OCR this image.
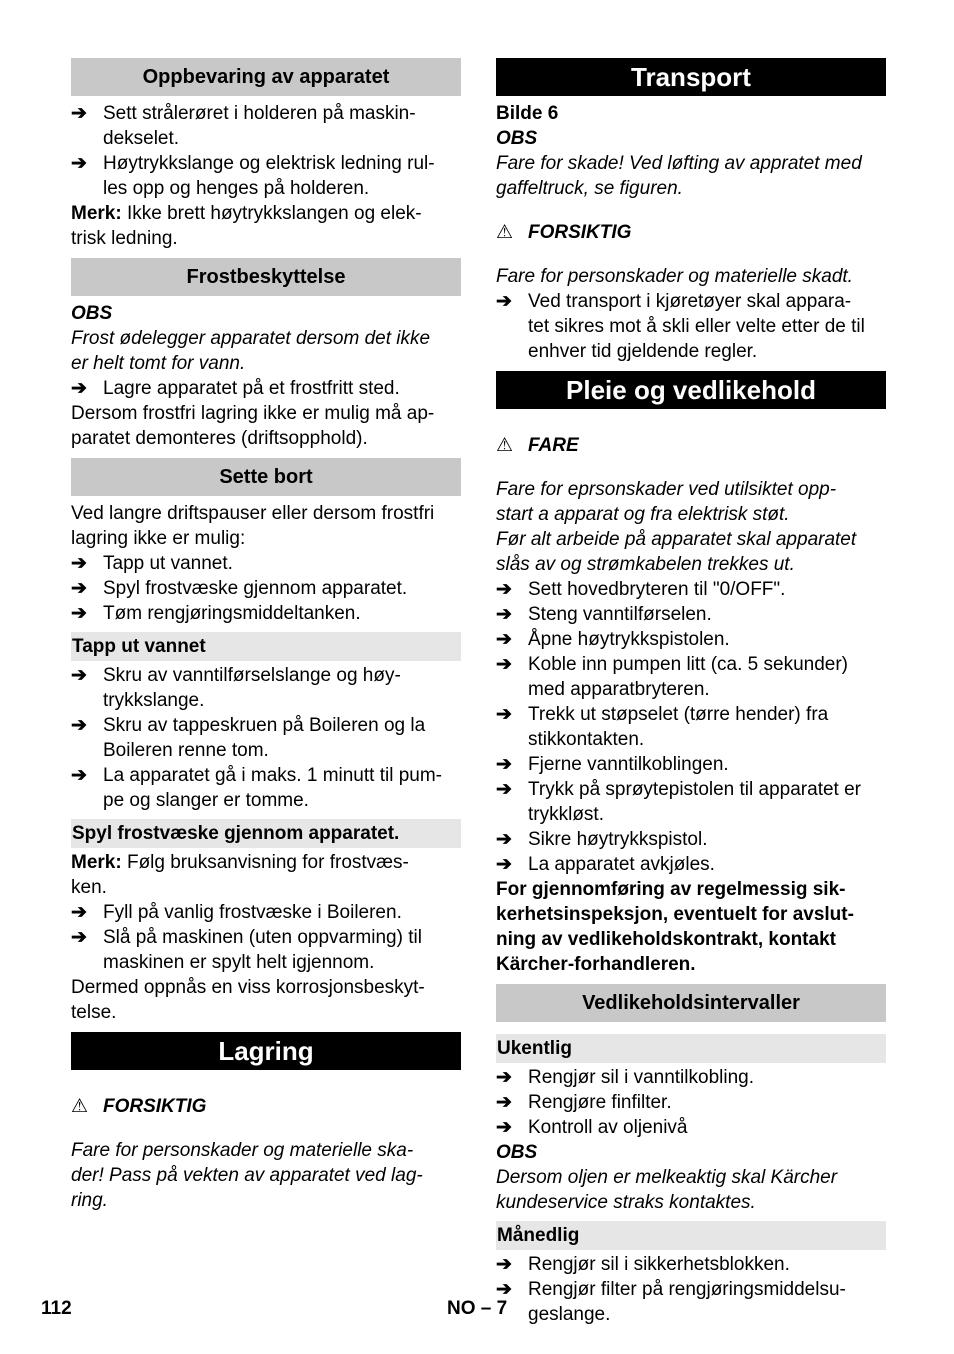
Oppbevaring av apparatet
➔ Sett strålerøret i holderen på maskin-
dekselet.
➔ Høytrykkslange og elektrisk ledning rul-
les opp og henges på holderen.

Merk: Ikke brett høytrykkslangen og elek-
trisk ledning.

Frostbeskyttelse

OBS

Frost ødelegger apparatet dersom det ikke
er helt tomt for vann.

➔ Lagre apparatet på et frostfritt sted.

Dersom frostfri lagring ikke er mulig må ap-
paratet demonteres (driftsopphold).

Sette bort

Ved langre driftspauser eller dersom frostfri
lagring ikke er mulig:

➔ Tapp ut vannet.
➔ Spyl frostvæske gjennom apparatet.
➔ Tøm rengjøringsmiddeltanken.
Tapp ut vannet
➔ Skru av vanntilførselslange og høy-
trykkslange.
➔ Skru av tappeskruen på Boileren og la
Boileren renne tom.
➔ La apparatet gå i maks. 1 minutt til pum-
pe og slanger er tomme.
Spyl frostvæske gjennom apparatet.

Merk: Følg bruksanvisning for frostvæs-
ken.

➔ Fyll på vanlig frostvæske i Boileren.
➔ Slå på maskinen (uten oppvarming) til
maskinen er spylt helt igjennom.

Dermed oppnås en viss korrosjonsbeskyt-
telse.

Lagring

⚠ FORSIKTIG

Fare for personskader og materielle ska-
der! Pass på vekten av apparatet ved lag-
ring.

Transport

Bilde 6

OBS

Fare for skade! Ved løfting av appratet med
gaffeltruck, se figuren.

⚠ FORSIKTIG

Fare for personskader og materielle skadt.

➔ Ved transport i kjøretøyer skal appara-
tet sikres mot å skli eller velte etter de til
enhver tid gjeldende regler.
Pleie og vedlikehold

⚠ FARE

Fare for eprsonskader ved utilsiktet opp-
start a apparat og fra elektrisk støt.
Før alt arbeide på apparatet skal apparatet
slås av og strømkabelen trekkes ut.

➔ Sett hovedbryteren til "0/OFF".
➔ Steng vanntilførselen.
➔ Åpne høytrykkspistolen.
➔ Koble inn pumpen litt (ca. 5 sekunder)
med apparatbryteren.
➔ Trekk ut støpselet (tørre hender) fra
stikkontakten.
➔ Fjerne vanntilkoblingen.
➔ Trykk på sprøytepistolen til apparatet er
trykkløst.
➔ Sikre høytrykkspistol.
➔ La apparatet avkjøles.

For gjennomføring av regelmessig sik-
kerhetsinspeksjon, eventuelt for avslut-
ning av vedlikeholdskontrakt, kontakt
Kärcher-forhandleren.

Vedlikeholdsintervaller
Ukentlig
➔ Rengjør sil i vanntilkobling.
➔ Rengjøre finfilter.
➔ Kontroll av oljenivå

OBS

Dersom oljen er melkeaktig skal Kärcher
kundeservice straks kontaktes.

Månedlig
➔ Rengjør sil i sikkerhetsblokken.
➔ Rengjør filter på rengjøringsmiddelsu-
geslange.
112	NO – 7
